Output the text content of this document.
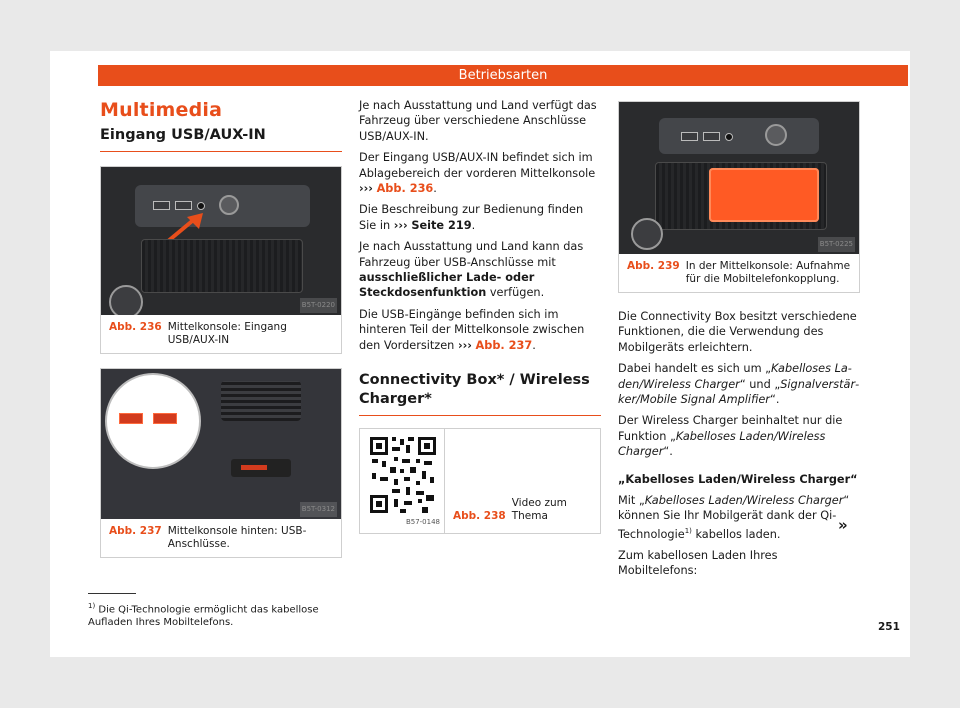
Betriebsarten
Multimedia
Eingang USB/AUX-IN
B5T-0220
Abb. 236 Mittelkonsole: Eingang USB/AUX-IN
B5T-0312
Abb. 237 Mittelkonsole hinten: USB-Anschlüsse.

Je nach Ausstattung und Land verfügt das Fahrzeug über verschiedene Anschlüsse USB/AUX-IN.

Der Eingang USB/AUX-IN befindet sich im Ablagebereich der vorderen Mittelkonsole ››› Abb. 236.

Die Beschreibung zur Bedienung finden Sie in ››› Seite 219.

Je nach Ausstattung und Land kann das Fahrzeug über USB-Anschlüsse mit ausschließlicher Lade- oder Steckdosenfunktion verfügen.

Die USB-Eingänge befinden sich im hinteren Teil der Mittelkonsole zwischen den Vordersitzen ››› Abb. 237.

Connectivity Box* / Wireless Charger*
B57-0148 Abb. 238
Video zum Thema
B5T-0225
Abb. 239 In der Mittelkonsole: Aufnahme für die Mobiltelefonkopplung.

Die Connectivity Box besitzt verschiedene Funktionen, die die Verwendung des Mobilgeräts erleichtern.

Dabei handelt es sich um „Kabelloses Laden/Wireless Charger“ und „Signalverstärker/Mobile Signal Amplifier“.

Der Wireless Charger beinhaltet nur die Funktion „Kabelloses Laden/Wireless Charger“.

„Kabelloses Laden/Wireless Charger“

Mit „Kabelloses Laden/Wireless Charger“ können Sie Ihr Mobilgerät dank der Qi-Technologie$^{1)}$ kabellos laden.

Zum kabellosen Laden Ihres Mobiltelefons:

»
$^{1)}$ Die Qi-Technologie ermöglicht das kabellose Aufladen Ihres Mobiltelefons.	251
